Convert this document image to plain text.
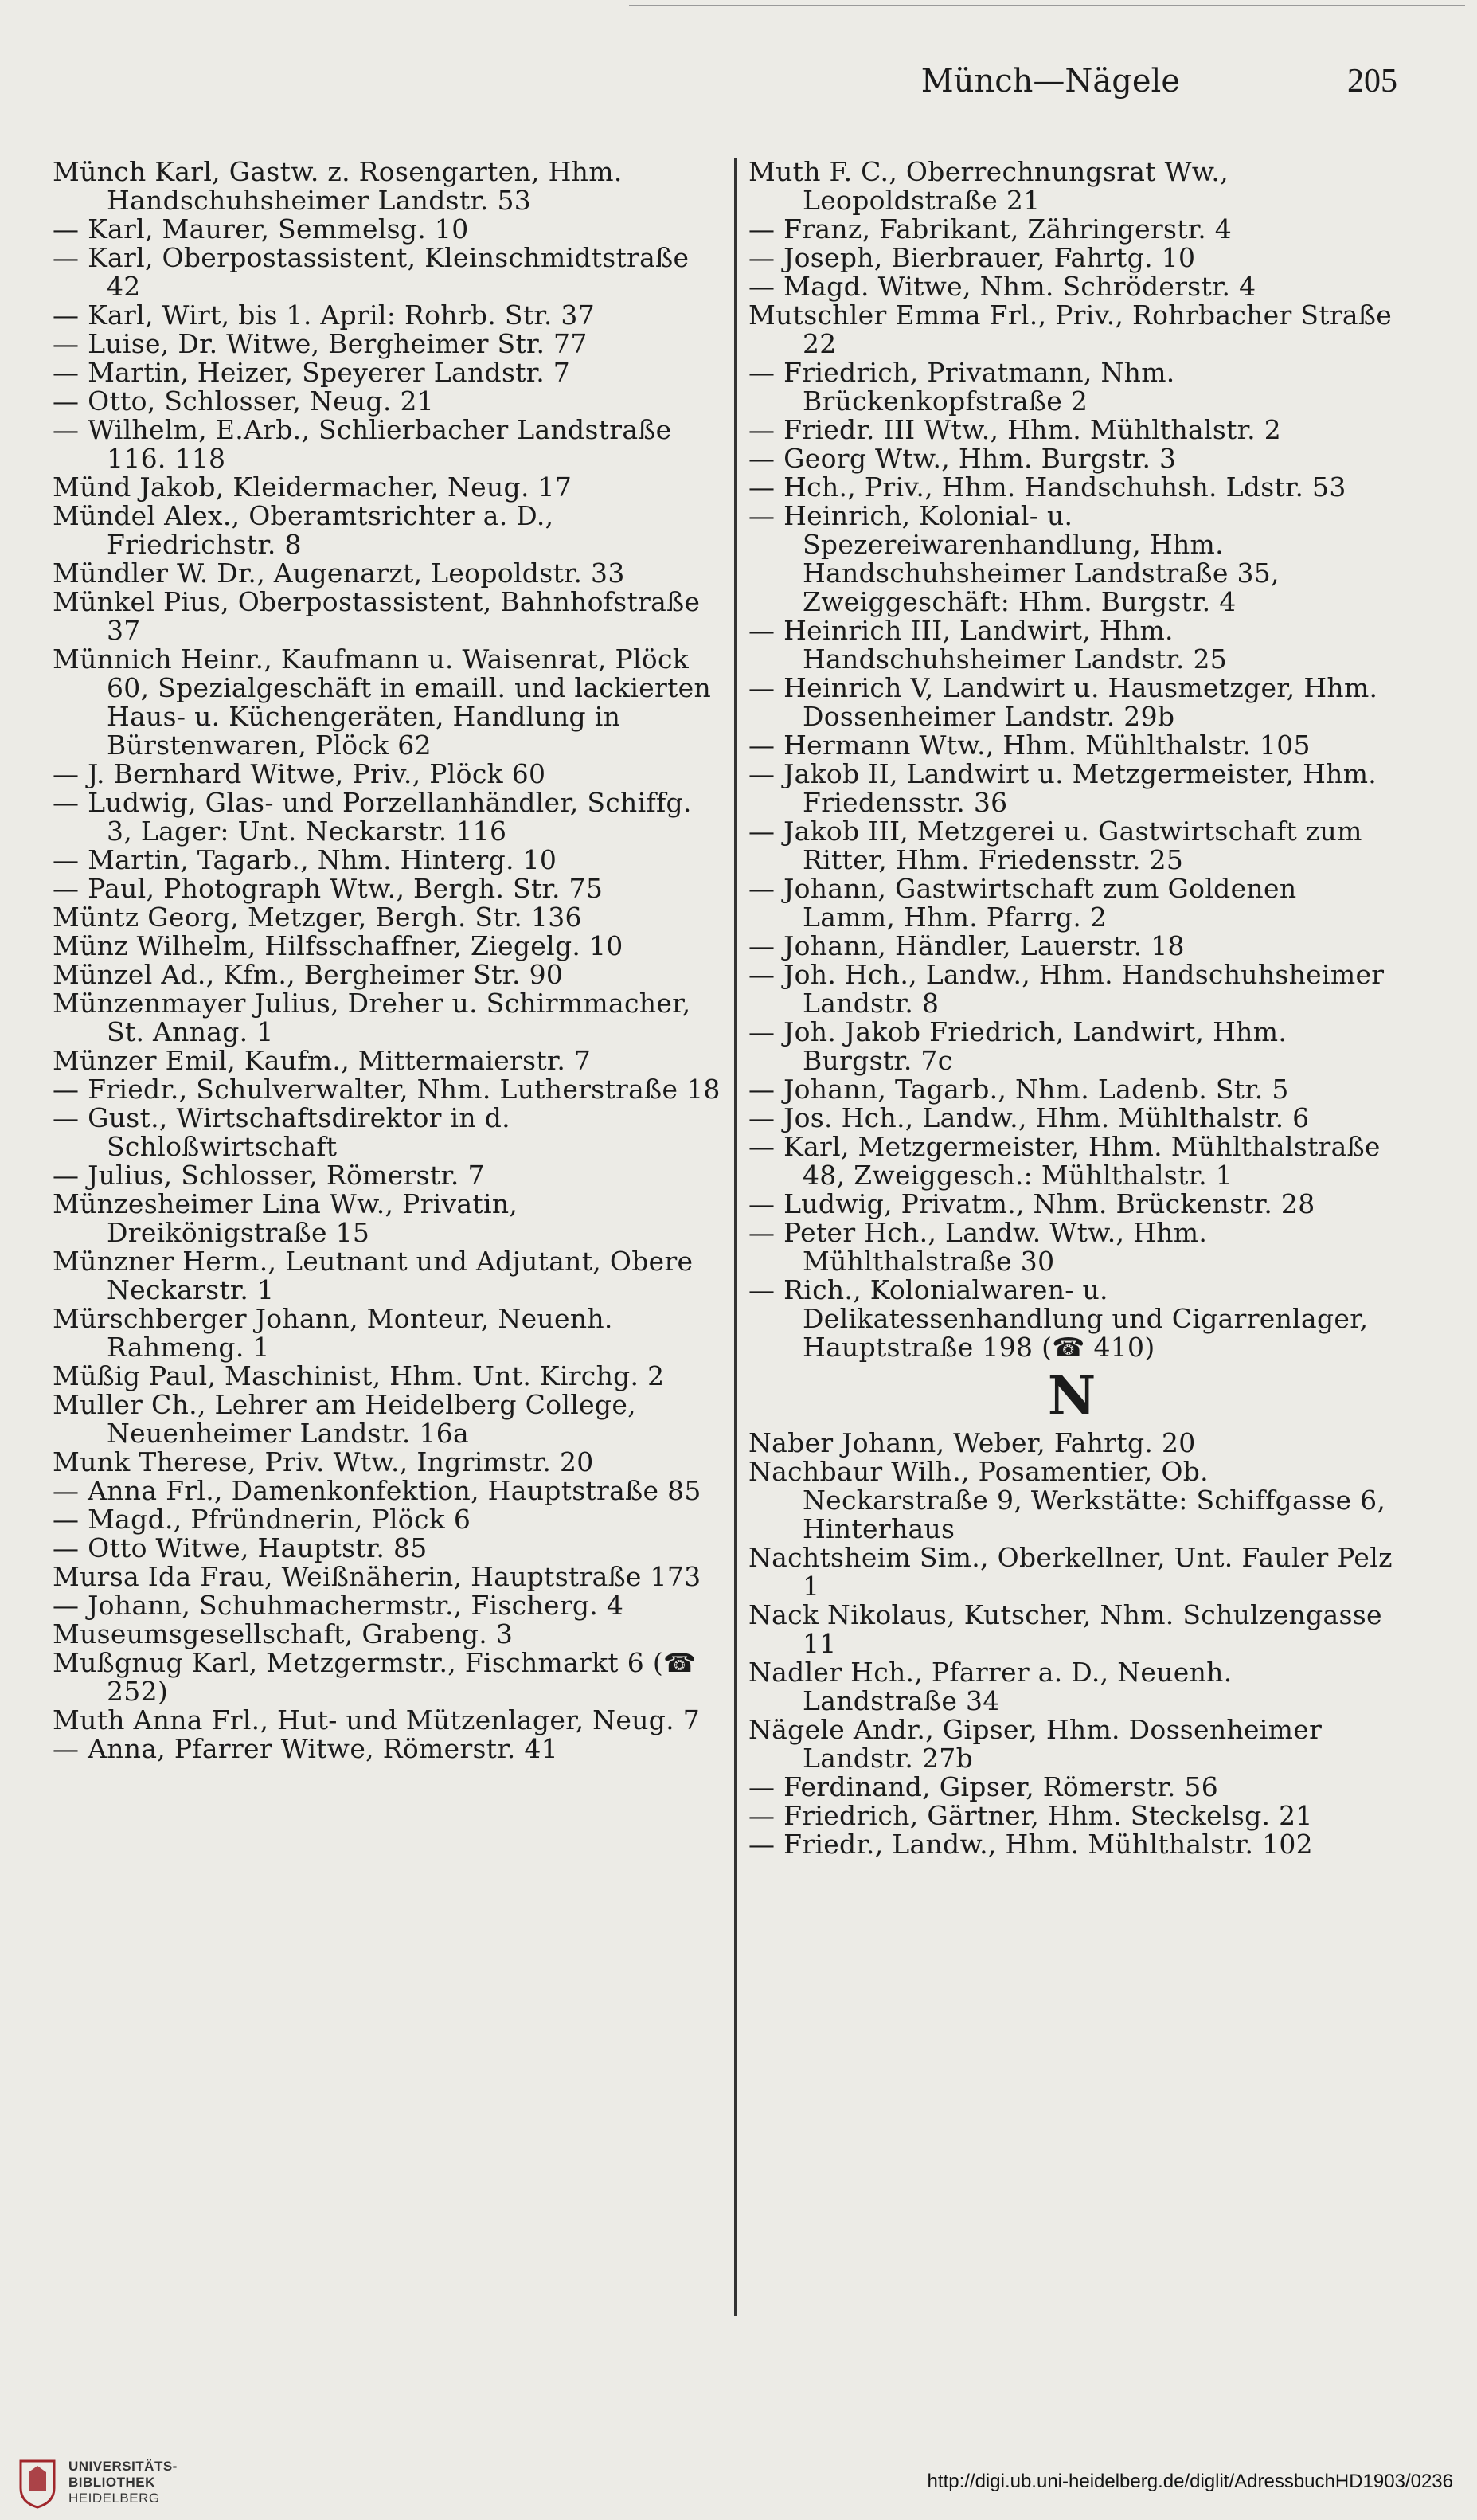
Münch—Nägele	205
Münch Karl, Gastw. z. Rosengarten, Hhm. Handschuhsheimer Landstr. 53
— Karl, Maurer, Semmelsg. 10
— Karl, Oberpostassistent, Kleinschmidtstraße 42
— Karl, Wirt, bis 1. April: Rohrb. Str. 37
— Luise, Dr. Witwe, Bergheimer Str. 77
— Martin, Heizer, Speyerer Landstr. 7
— Otto, Schlosser, Neug. 21
— Wilhelm, E.Arb., Schlierbacher Landstraße 116. 118
Münd Jakob, Kleidermacher, Neug. 17
Mündel Alex., Oberamtsrichter a. D., Friedrichstr. 8
Mündler W. Dr., Augenarzt, Leopoldstr. 33
Münkel Pius, Oberpostassistent, Bahnhofstraße 37
Münnich Heinr., Kaufmann u. Waisenrat, Plöck 60, Spezialgeschäft in emaill. und lackierten Haus- u. Küchengeräten, Handlung in Bürstenwaren, Plöck 62
— J. Bernhard Witwe, Priv., Plöck 60
— Ludwig, Glas- und Porzellanhändler, Schiffg. 3, Lager: Unt. Neckarstr. 116
— Martin, Tagarb., Nhm. Hinterg. 10
— Paul, Photograph Wtw., Bergh. Str. 75
Müntz Georg, Metzger, Bergh. Str. 136
Münz Wilhelm, Hilfsschaffner, Ziegelg. 10
Münzel Ad., Kfm., Bergheimer Str. 90
Münzenmayer Julius, Dreher u. Schirmmacher, St. Annag. 1
Münzer Emil, Kaufm., Mittermaierstr. 7
— Friedr., Schulverwalter, Nhm. Lutherstraße 18
— Gust., Wirtschaftsdirektor in d. Schloßwirtschaft
— Julius, Schlosser, Römerstr. 7
Münzesheimer Lina Ww., Privatin, Dreikönigstraße 15
Münzner Herm., Leutnant und Adjutant, Obere Neckarstr. 1
Mürschberger Johann, Monteur, Neuenh. Rahmeng. 1
Müßig Paul, Maschinist, Hhm. Unt. Kirchg. 2
Muller Ch., Lehrer am Heidelberg College, Neuenheimer Landstr. 16a
Munk Therese, Priv. Wtw., Ingrimstr. 20
— Anna Frl., Damenkonfektion, Hauptstraße 85
— Magd., Pfründnerin, Plöck 6
— Otto Witwe, Hauptstr. 85
Mursa Ida Frau, Weißnäherin, Hauptstraße 173
— Johann, Schuhmachermstr., Fischerg. 4
Museumsgesellschaft, Grabeng. 3
Mußgnug Karl, Metzgermstr., Fischmarkt 6 (☎ 252)
Muth Anna Frl., Hut- und Mützenlager, Neug. 7
— Anna, Pfarrer Witwe, Römerstr. 41
Muth F. C., Oberrechnungsrat Ww., Leopoldstraße 21
— Franz, Fabrikant, Zähringerstr. 4
— Joseph, Bierbrauer, Fahrtg. 10
— Magd. Witwe, Nhm. Schröderstr. 4
Mutschler Emma Frl., Priv., Rohrbacher Straße 22
— Friedrich, Privatmann, Nhm. Brückenkopfstraße 2
— Friedr. III Wtw., Hhm. Mühlthalstr. 2
— Georg Wtw., Hhm. Burgstr. 3
— Hch., Priv., Hhm. Handschuhsh. Ldstr. 53
— Heinrich, Kolonial- u. Spezereiwarenhandlung, Hhm. Handschuhsheimer Landstraße 35, Zweiggeschäft: Hhm. Burgstr. 4
— Heinrich III, Landwirt, Hhm. Handschuhsheimer Landstr. 25
— Heinrich V, Landwirt u. Hausmetzger, Hhm. Dossenheimer Landstr. 29b
— Hermann Wtw., Hhm. Mühlthalstr. 105
— Jakob II, Landwirt u. Metzgermeister, Hhm. Friedensstr. 36
— Jakob III, Metzgerei u. Gastwirtschaft zum Ritter, Hhm. Friedensstr. 25
— Johann, Gastwirtschaft zum Goldenen Lamm, Hhm. Pfarrg. 2
— Johann, Händler, Lauerstr. 18
— Joh. Hch., Landw., Hhm. Handschuhsheimer Landstr. 8
— Joh. Jakob Friedrich, Landwirt, Hhm. Burgstr. 7c
— Johann, Tagarb., Nhm. Ladenb. Str. 5
— Jos. Hch., Landw., Hhm. Mühlthalstr. 6
— Karl, Metzgermeister, Hhm. Mühlthalstraße 48, Zweiggesch.: Mühlthalstr. 1
— Ludwig, Privatm., Nhm. Brückenstr. 28
— Peter Hch., Landw. Wtw., Hhm. Mühlthalstraße 30
— Rich., Kolonialwaren- u. Delikatessenhandlung und Cigarrenlager, Hauptstraße 198 (☎ 410)
N
Naber Johann, Weber, Fahrtg. 20
Nachbaur Wilh., Posamentier, Ob. Neckarstraße 9, Werkstätte: Schiffgasse 6, Hinterhaus
Nachtsheim Sim., Oberkellner, Unt. Fauler Pelz 1
Nack Nikolaus, Kutscher, Nhm. Schulzengasse 11
Nadler Hch., Pfarrer a. D., Neuenh. Landstraße 34
Nägele Andr., Gipser, Hhm. Dossenheimer Landstr. 27b
— Ferdinand, Gipser, Römerstr. 56
— Friedrich, Gärtner, Hhm. Steckelsg. 21
— Friedr., Landw., Hhm. Mühlthalstr. 102
UNIVERSITÄTS-
BIBLIOTHEK
HEIDELBERG
http://digi.ub.uni-heidelberg.de/diglit/AdressbuchHD1903/0236
